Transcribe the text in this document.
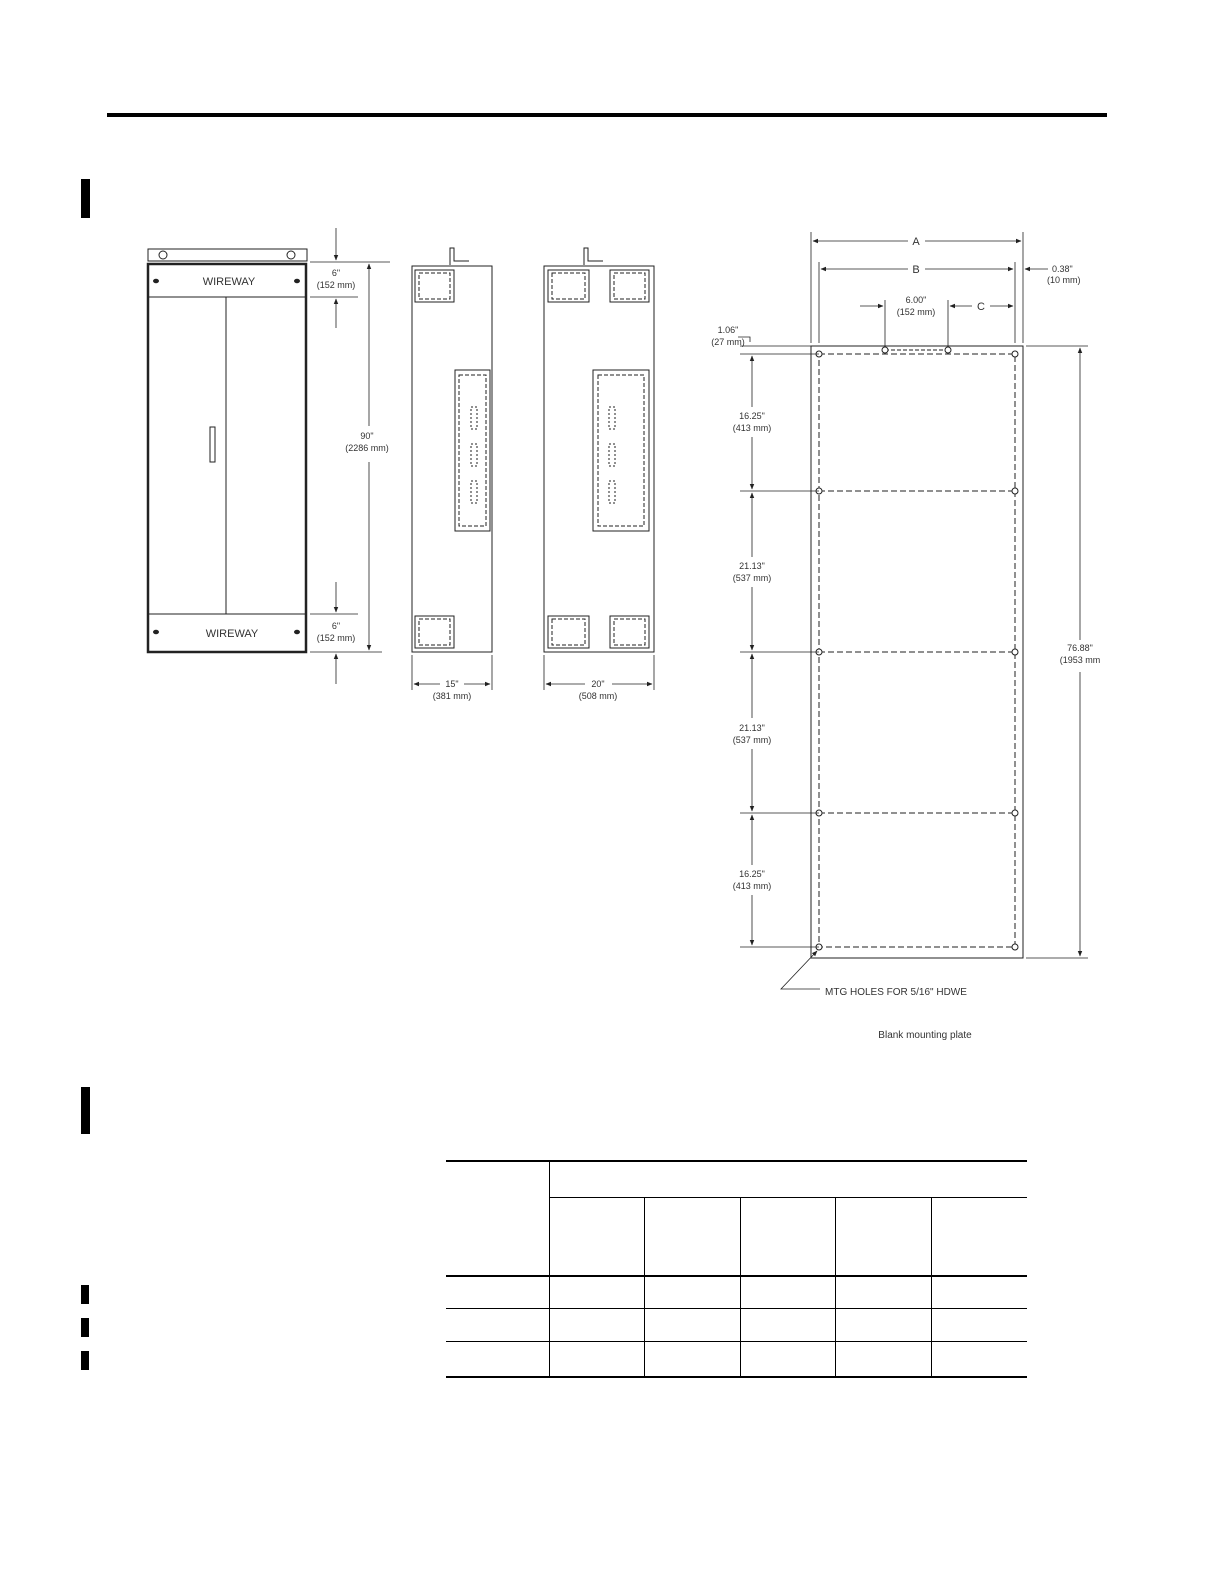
WIREWAY
WIREWAY
6"
(152 mm)
90"
(2286 mm)
6"
(152 mm)
15"
(381 mm)
20"
(508 mm)
A
B
C
0.38"
(10 mm)
6.00"
(152 mm)
1.06"
(27 mm)
16.25"
(413 mm)
21.13"
(537 mm)
21.13"
(537 mm)
16.25"
(413 mm)
76.88"
(1953 mm
MTG HOLES FOR 5/16" HDWE
Blank mounting plate
